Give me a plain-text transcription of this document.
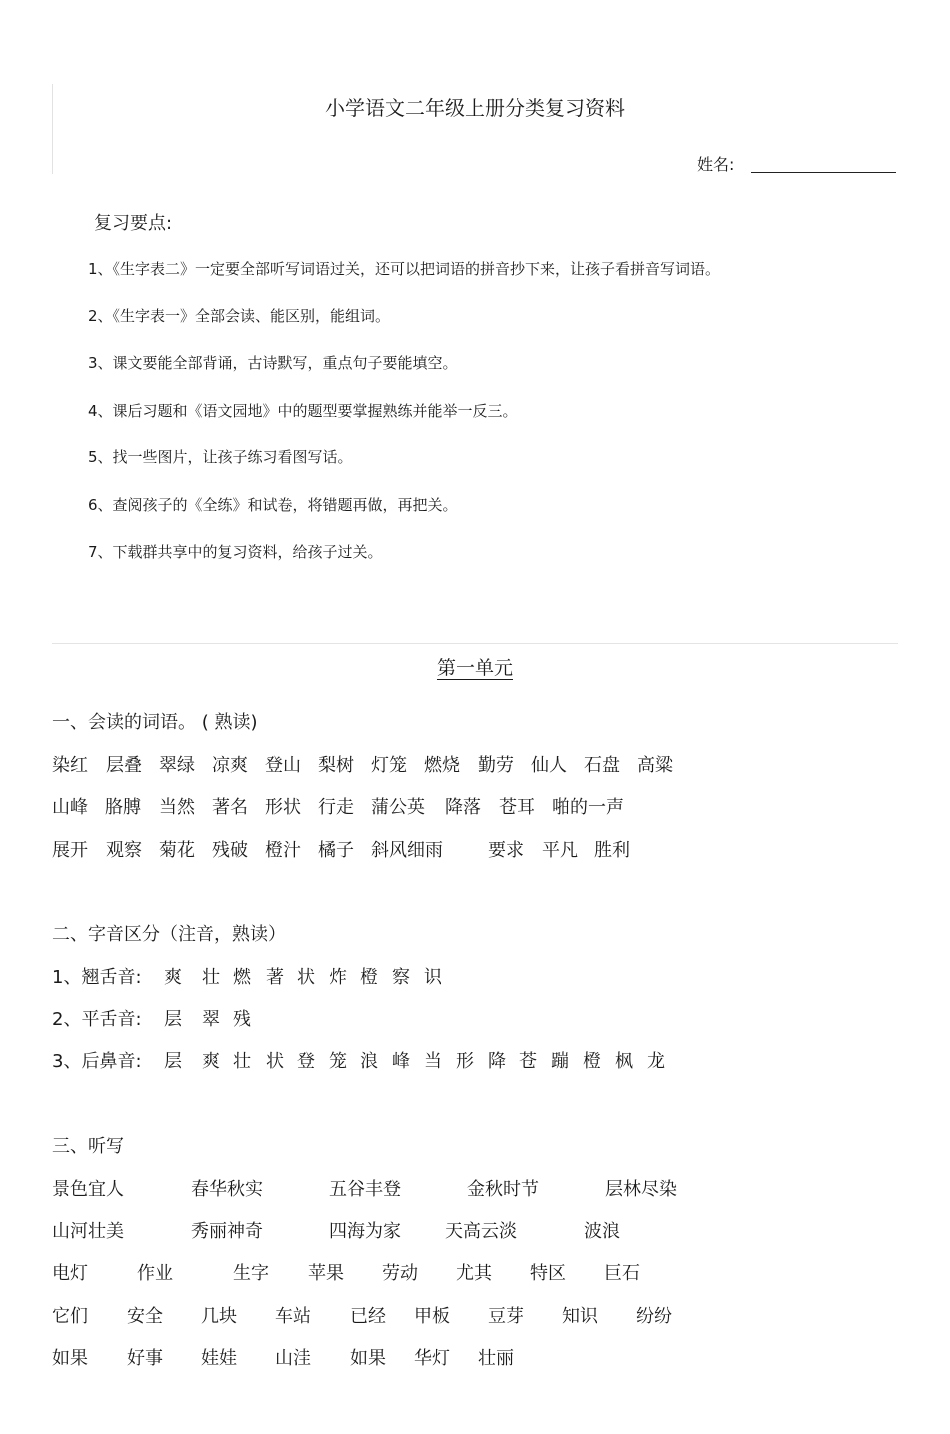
小学语文二年级上册分类复习资料
姓名:
复习要点:
1、《生字表二》一定要全部听写词语过关，还可以把词语的拼音抄下来，让孩子看拼音写词语。
2、《生字表一》全部会读、能区别，能组词。
3、课文要能全部背诵，古诗默写，重点句子要能填空。
4、课后习题和《语文园地》中的题型要掌握熟练并能举一反三。
5、找一些图片，让孩子练习看图写话。
6、查阅孩子的《全练》和试卷，将错题再做，再把关。
7、下载群共享中的复习资料，给孩子过关。
第一单元
一、会读的词语。 ( 熟读)
染红 层叠 翠绿 凉爽 登山 梨树 灯笼 燃烧 勤劳 仙人 石盘 高粱
山峰 胳膊 当然 著名 形状 行走 蒲公英 降落 苍耳 啪的一声
展开 观察 菊花 残破 橙汁 橘子 斜风细雨	要求 平凡 胜利
二、字音区分（注音，熟读）
1、翘舌音: 爽 壮 燃 著 状 炸 橙 察 识
2、平舌音: 层 翠 残
3、后鼻音: 层 爽 壮 状 登 笼 浪 峰 当 形 降 苍 蹦 橙 枫 龙
三、听写
景色宜人	春华秋实	五谷丰登	金秋时节	层林尽染
山河壮美	秀丽神奇	四海为家 天高云淡	波浪
电灯	作业	生字 苹果 劳动 尤其 特区 巨石
它们 安全 几块 车站 已经 甲板 豆芽 知识 纷纷
如果 好事 娃娃 山洼 如果 华灯 壮丽
